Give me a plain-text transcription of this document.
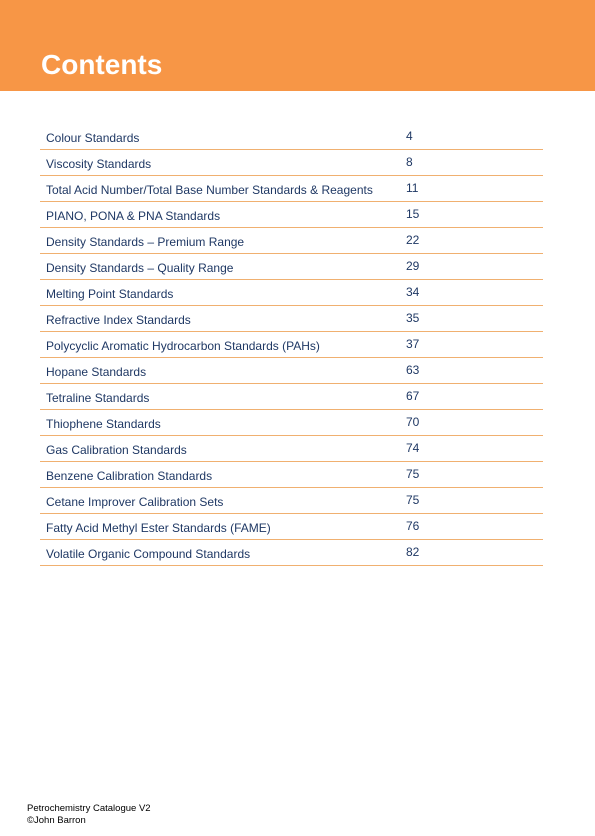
Contents
Colour Standards	4
Viscosity Standards	8
Total Acid Number/Total Base Number Standards & Reagents	11
PIANO, PONA & PNA Standards	15
Density Standards – Premium Range	22
Density Standards – Quality Range	29
Melting Point Standards	34
Refractive Index Standards	35
Polycyclic Aromatic Hydrocarbon Standards (PAHs)	37
Hopane Standards	63
Tetraline Standards	67
Thiophene Standards	70
Gas Calibration Standards	74
Benzene Calibration Standards	75
Cetane Improver Calibration Sets	75
Fatty Acid Methyl Ester Standards (FAME)	76
Volatile Organic Compound Standards	82
Petrochemistry Catalogue V2
©John Barron
